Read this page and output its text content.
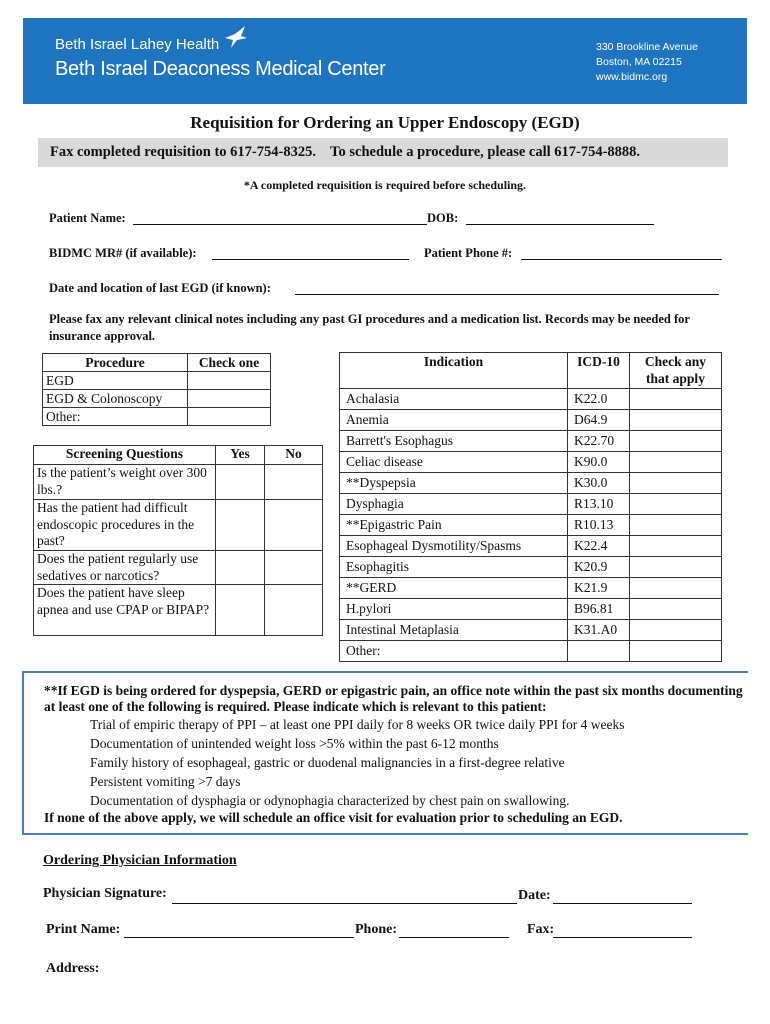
Beth Israel Lahey Health
Beth Israel Deaconess Medical Center
330 Brookline Avenue
Boston, MA 02215
www.bidmc.org
Requisition for Ordering an Upper Endoscopy (EGD)
Fax completed requisition to 617-754-8325.    To schedule a procedure, please call 617-754-8888.
*A completed requisition is required before scheduling.
Patient Name:	DOB:
BIDMC MR# (if available):	Patient Phone #:
Date and location of last EGD (if known):
Please fax any relevant clinical notes including any past GI procedures and a medication list. Records may be needed for insurance approval.
Procedure	Check one
EGD	
EGD & Colonoscopy	
Other:	
Screening Questions	Yes	No
Is the patient’s weight over 300 lbs.?		
Has the patient had difficult endoscopic procedures in the past?		
Does the patient regularly use sedatives or narcotics?		
Does the patient have sleep apnea and use CPAP or BIPAP?		
Indication	ICD-10	Check any that apply
Achalasia	K22.0	
Anemia	D64.9	
Barrett's Esophagus	K22.70	
Celiac disease	K90.0	
**Dyspepsia	K30.0	
Dysphagia	R13.10	
**Epigastric Pain	R10.13	
Esophageal Dysmotility/Spasms	K22.4	
Esophagitis	K20.9	
**GERD	K21.9	
H.pylori	B96.81	
Intestinal Metaplasia	K31.A0	
Other:		
**If EGD is being ordered for dyspepsia, GERD or epigastric pain, an office note within the past six months documenting at least one of the following is required. Please indicate which is relevant to this patient:
Trial of empiric therapy of PPI – at least one PPI daily for 8 weeks OR twice daily PPI for 4 weeks
Documentation of unintended weight loss >5% within the past 6-12 months
Family history of esophageal, gastric or duodenal malignancies in a first-degree relative
Persistent vomiting >7 days
Documentation of dysphagia or odynophagia characterized by chest pain on swallowing.
If none of the above apply, we will schedule an office visit for evaluation prior to scheduling an EGD.
Ordering Physician Information
Physician Signature:	Date:
Print Name:	Phone:	Fax:
Address:
